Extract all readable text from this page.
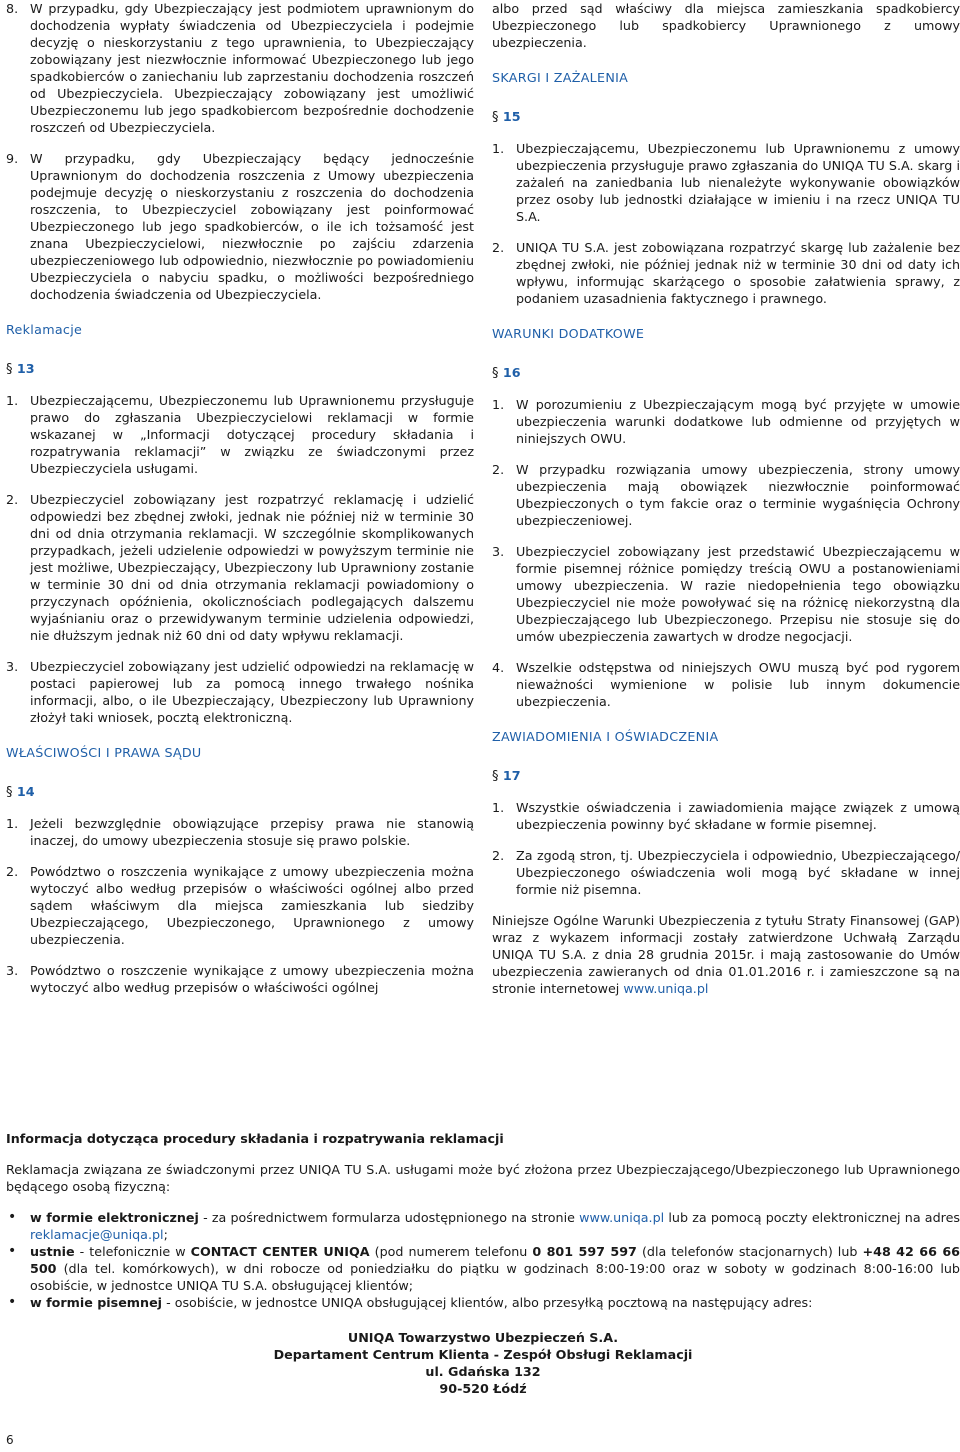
8. W przypadku, gdy Ubezpieczający jest podmiotem uprawnionym do dochodzenia wypłaty świadczenia od Ubezpieczyciela i podejmie decyzję o nieskorzystaniu z tego uprawnienia, to Ubezpieczający zobowiązany jest niezwłocznie informować Ubezpieczonego lub jego spadkobierców o zaniechaniu lub zaprzestaniu dochodzenia roszczeń od Ubezpieczyciela. Ubezpieczający zobowiązany jest umożliwić Ubezpieczonemu lub jego spadkobiercom bezpośrednie dochodzenie roszczeń od Ubezpieczyciela.
9. W przypadku, gdy Ubezpieczający będący jednocześnie Uprawnionym do dochodzenia roszczenia z Umowy ubezpieczenia podejmuje decyzję o nieskorzystaniu z roszczenia do dochodzenia roszczenia, to Ubezpieczyciel zobowiązany jest poinformować Ubezpieczonego lub jego spadkobierców, o ile ich tożsamość jest znana Ubezpieczycielowi, niezwłocznie po zajściu zdarzenia ubezpieczeniowego lub odpowiednio, niezwłocznie po powiadomieniu Ubezpieczyciela o nabyciu spadku, o możliwości bezpośredniego dochodzenia świadczenia od Ubezpieczyciela.
Reklamacje
§ 13
1. Ubezpieczającemu, Ubezpieczonemu lub Uprawnionemu przysługuje prawo do zgłaszania Ubezpieczycielowi reklamacji w formie wskazanej w „Informacji dotyczącej procedury składania i rozpatrywania reklamacji” w związku ze świadczonymi przez Ubezpieczyciela usługami.
2. Ubezpieczyciel zobowiązany jest rozpatrzyć reklamację i udzielić odpowiedzi bez zbędnej zwłoki, jednak nie później niż w terminie 30 dni od dnia otrzymania reklamacji. W szczególnie skomplikowanych przypadkach, jeżeli udzielenie odpowiedzi w powyższym terminie nie jest możliwe, Ubezpieczający, Ubezpieczony lub Uprawniony zostanie w terminie 30 dni od dnia otrzymania reklamacji powiadomiony o przyczynach opóźnienia, okolicznościach podlegających dalszemu wyjaśnianiu oraz o przewidywanym terminie udzielenia odpowiedzi, nie dłuższym jednak niż 60 dni od daty wpływu reklamacji.
3. Ubezpieczyciel zobowiązany jest udzielić odpowiedzi na reklamację w postaci papierowej lub za pomocą innego trwałego nośnika informacji, albo, o ile Ubezpieczający, Ubezpieczony lub Uprawniony złożył taki wniosek, pocztą elektroniczną.
WŁAŚCIWOŚCI I PRAWA SĄDU
§ 14
1. Jeżeli bezwzględnie obowiązujące przepisy prawa nie stanowią inaczej, do umowy ubezpieczenia stosuje się prawo polskie.
2. Powództwo o roszczenia wynikające z umowy ubezpieczenia można wytoczyć albo według przepisów o właściwości ogólnej albo przed sądem właściwym dla miejsca zamieszkania lub siedziby Ubezpieczającego, Ubezpieczonego, Uprawnionego z umowy ubezpieczenia.
3. Powództwo o roszczenie wynikające z umowy ubezpieczenia można wytoczyć albo według przepisów o właściwości ogólnej

albo przed sąd właściwy dla miejsca zamieszkania spadkobiercy Ubezpieczonego lub spadkobiercy Uprawnionego z umowy ubezpieczenia.

SKARGI I ZAŻALENIA
§ 15
1. Ubezpieczającemu, Ubezpieczonemu lub Uprawnionemu z umowy ubezpieczenia przysługuje prawo zgłaszania do UNIQA TU S.A. skarg i zażaleń na zaniedbania lub nienależyte wykonywanie obowiązków przez osoby lub jednostki działające w imieniu i na rzecz UNIQA TU S.A.
2. UNIQA TU S.A. jest zobowiązana rozpatrzyć skargę lub zażalenie bez zbędnej zwłoki, nie później jednak niż w terminie 30 dni od daty ich wpływu, informując skarżącego o sposobie załatwienia sprawy, z podaniem uzasadnienia faktycznego i prawnego.
WARUNKI DODATKOWE
§ 16
1. W porozumieniu z Ubezpieczającym mogą być przyjęte w umowie ubezpieczenia warunki dodatkowe lub odmienne od przyjętych w niniejszych OWU.
2. W przypadku rozwiązania umowy ubezpieczenia, strony umowy ubezpieczenia mają obowiązek niezwłocznie poinformować Ubezpieczonych o tym fakcie oraz o terminie wygaśnięcia Ochrony ubezpieczeniowej.
3. Ubezpieczyciel zobowiązany jest przedstawić Ubezpieczającemu w formie pisemnej różnice pomiędzy treścią OWU a postanowieniami umowy ubezpieczenia. W razie niedopełnienia tego obowiązku Ubezpieczyciel nie może powoływać się na różnicę niekorzystną dla Ubezpieczającego lub Ubezpieczonego. Przepisu nie stosuje się do umów ubezpieczenia zawartych w drodze negocjacji.
4. Wszelkie odstępstwa od niniejszych OWU muszą być pod rygorem nieważności wymienione w polisie lub innym dokumencie ubezpieczenia.
ZAWIADOMIENIA I OŚWIADCZENIA
§ 17
1. Wszystkie oświadczenia i zawiadomienia mające związek z umową ubezpieczenia powinny być składane w formie pisemnej.
2. Za zgodą stron, tj. Ubezpieczyciela i odpowiednio, Ubezpieczającego/ Ubezpieczonego oświadczenia woli mogą być składane w innej formie niż pisemna.

Niniejsze Ogólne Warunki Ubezpieczenia z tytułu Straty Finansowej (GAP) wraz z wykazem informacji zostały zatwierdzone Uchwałą Zarządu UNIQA TU S.A. z dnia 28 grudnia 2015r. i mają zastosowanie do Umów ubezpieczenia zawieranych od dnia 01.01.2016 r. i zamieszczone są na stronie internetowej www.uniqa.pl

Informacja dotycząca procedury składania i rozpatrywania reklamacji
Reklamacja związana ze świadczonymi przez UNIQA TU S.A. usługami może być złożona przez Ubezpieczającego/Ubezpieczonego lub Uprawnionego będącego osobą fizyczną:
• w formie elektronicznej - za pośrednictwem formularza udostępnionego na stronie www.uniqa.pl lub za pomocą poczty elektronicznej na adres reklamacje@uniqa.pl;
• ustnie - telefonicznie w CONTACT CENTER UNIQA (pod numerem telefonu 0 801 597 597 (dla telefonów stacjonarnych) lub +48 42 66 66 500 (dla tel. komórkowych), w dni robocze od poniedziałku do piątku w godzinach 8:00-19:00 oraz w soboty w godzinach 8:00-16:00 lub osobiście, w jednostce UNIQA TU S.A. obsługującej klientów;
• w formie pisemnej - osobiście, w jednostce UNIQA obsługującej klientów, albo przesyłką pocztową na następujący adres:
UNIQA Towarzystwo Ubezpieczeń S.A.
Departament Centrum Klienta - Zespół Obsługi Reklamacji
ul. Gdańska 132
90-520 Łódź
6
